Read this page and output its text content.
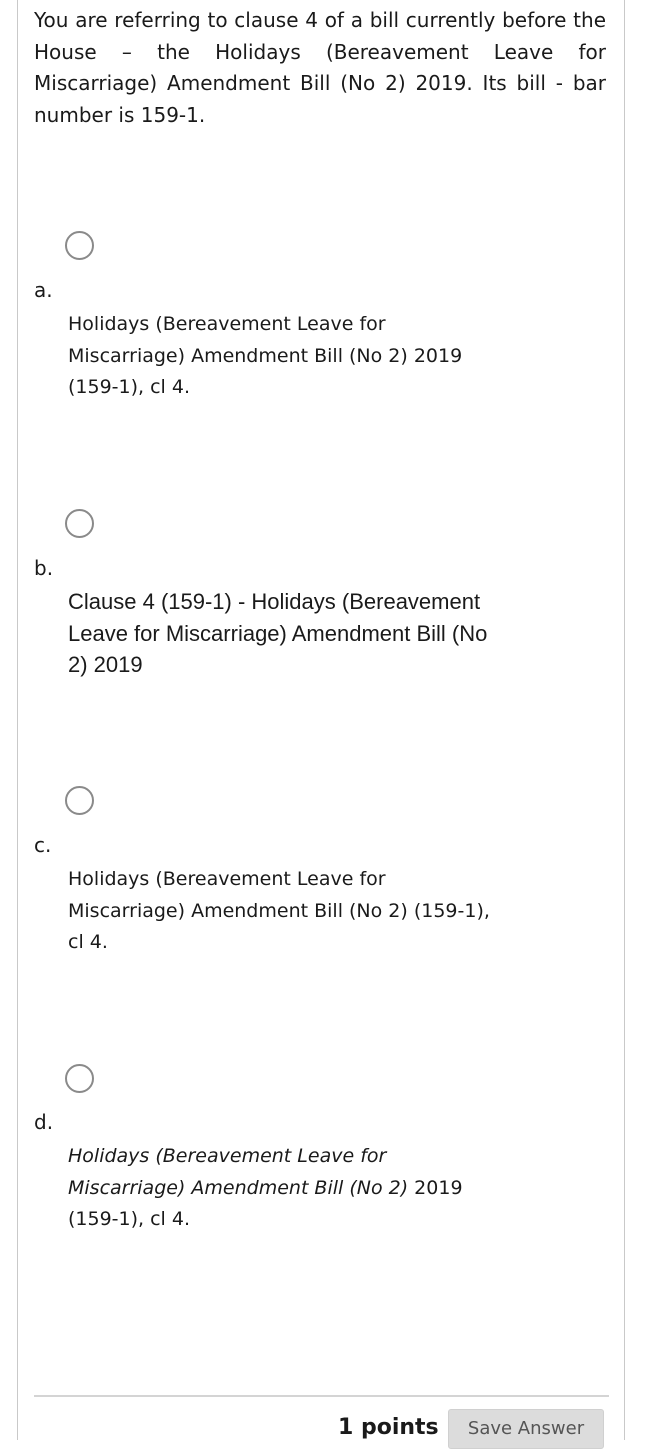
You are referring to clause 4 of a bill currently before the House – the Holidays (Bereavement Leave for Miscarriage) Amendment Bill (No 2) 2019. Its bill - bar number is 159-1.

a.

Holidays (Bereavement Leave for Miscarriage) Amendment Bill (No 2) 2019 (159-1), cl 4.

b.

Clause 4 (159-1) - Holidays (Bereavement Leave for Miscarriage) Amendment Bill (No 2) 2019

c.

Holidays (Bereavement Leave for Miscarriage) Amendment Bill (No 2) (159-1), cl 4.

d.

Holidays (Bereavement Leave for Miscarriage) Amendment Bill (No 2) 2019 (159-1), cl 4.

1 points	Save Answer
